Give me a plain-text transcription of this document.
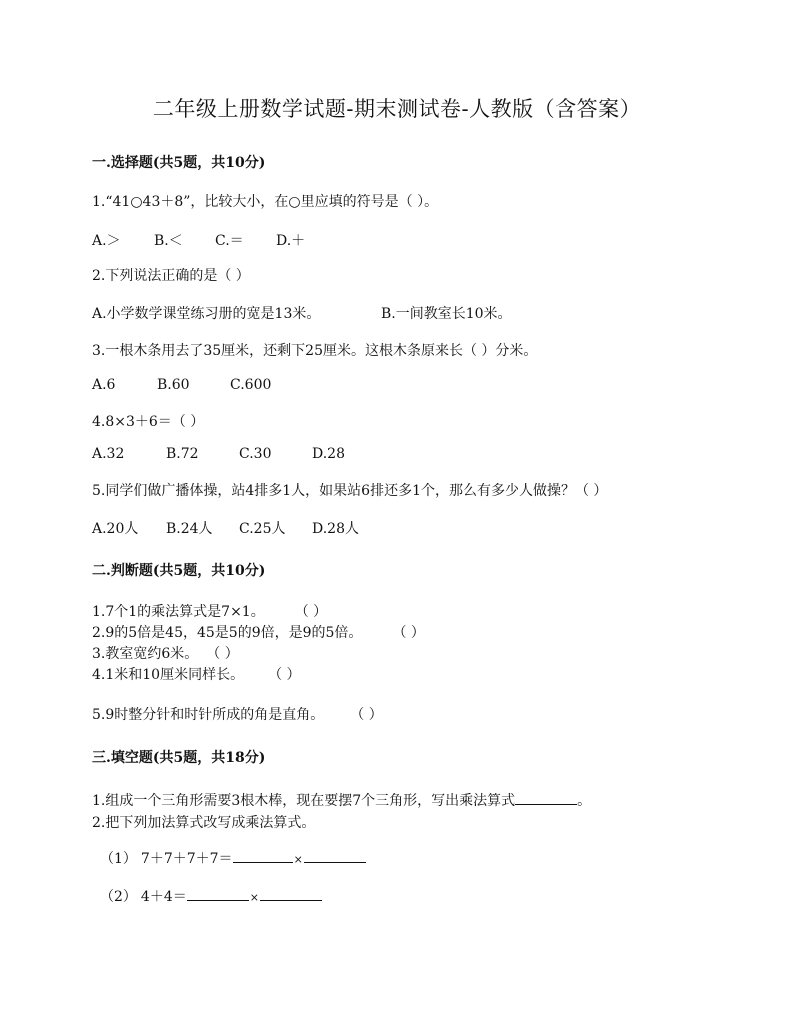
二年级上册数学试题-期末测试卷-人教版（含答案）
一.选择题(共5题，共10分)
1.“41○43＋8”，比较大小，在○里应填的符号是（ ）。
A.＞ B.＜ C.＝ D.＋
2.下列说法正确的是（ ）
A.小学数学课堂练习册的宽是13米。	B.一间教室长10米。
3.一根木条用去了35厘米，还剩下25厘米。这根木条原来长（ ）分米。
A.6	B.60	C.600
4.8×3＋6＝（ ）
A.32	B.72	C.30	D.28
5.同学们做广播体操，站4排多1人，如果站6排还多1个，那么有多少人做操？（ ）
A.20人 B.24人 C.25人 D.28人
二.判断题(共5题，共10分)
1.7个1的乘法算式是7×1。 （ ）
2.9的5倍是45，45是5的9倍，是9的5倍。 （ ）
3.教室宽约6米。 （ ）
4.1米和10厘米同样长。 （ ）
5.9时整分针和时针所成的角是直角。 （ ）
三.填空题(共5题，共18分)
1.组成一个三角形需要3根木棒，现在要摆7个三角形，写出乘法算式	。
2.把下列加法算式改写成乘法算式。
（1） 7＋7＋7＋7＝	×
（2） 4＋4＝	×
